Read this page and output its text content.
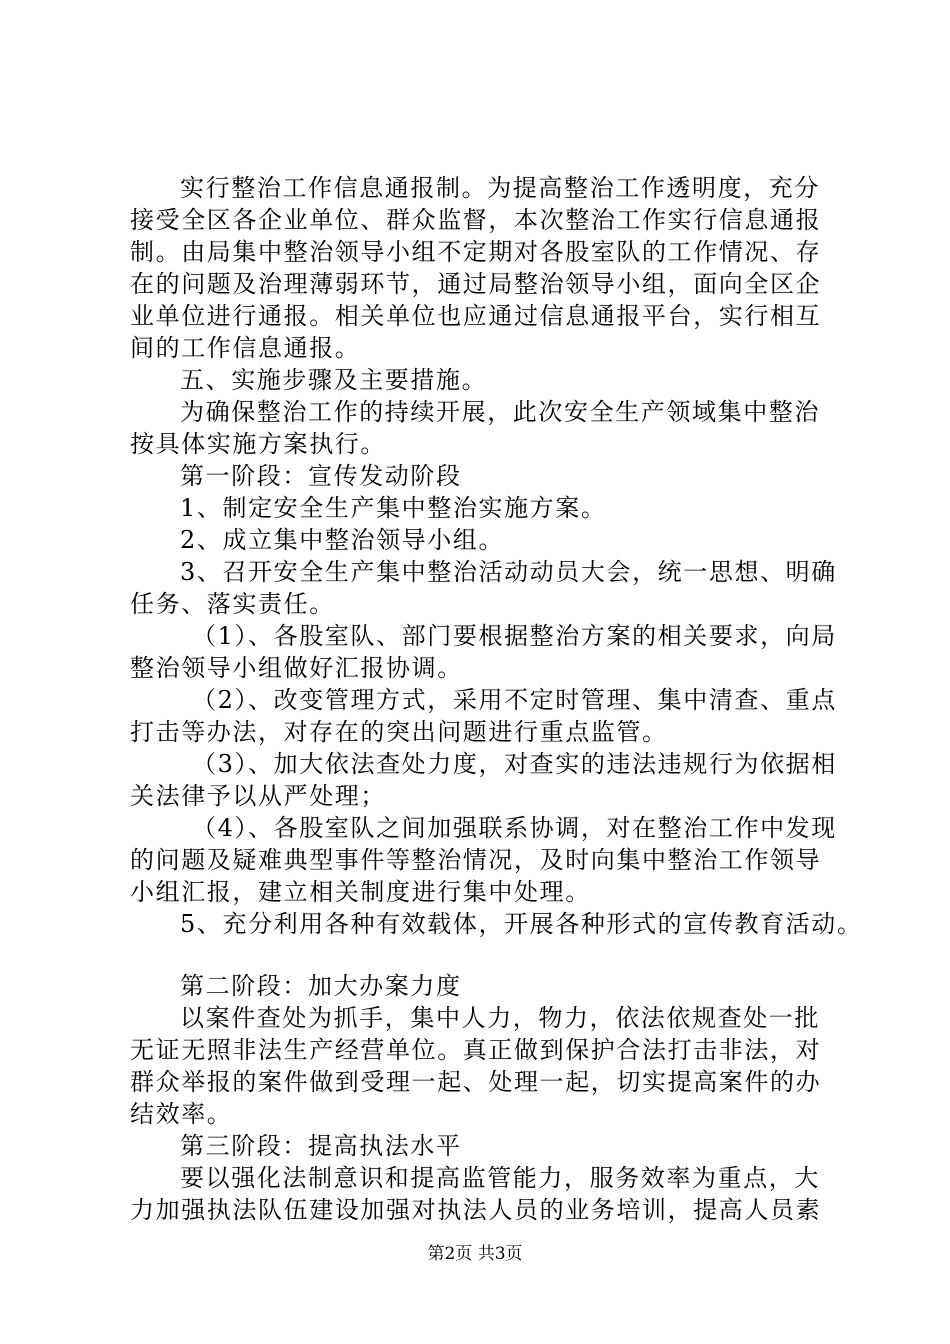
实行整治工作信息通报制。为提高整治工作透明度，充分
接受全区各企业单位、群众监督，本次整治工作实行信息通报
制。由局集中整治领导小组不定期对各股室队的工作情况、存
在的问题及治理薄弱环节，通过局整治领导小组，面向全区企
业单位进行通报。相关单位也应通过信息通报平台，实行相互
间的工作信息通报。
五、实施步骤及主要措施。
为确保整治工作的持续开展，此次安全生产领域集中整治
按具体实施方案执行。
第一阶段：宣传发动阶段
1、制定安全生产集中整治实施方案。
2、成立集中整治领导小组。
3、召开安全生产集中整治活动动员大会，统一思想、明确
任务、落实责任。
（1）、各股室队、部门要根据整治方案的相关要求，向局
整治领导小组做好汇报协调。
（2）、改变管理方式，采用不定时管理、集中清查、重点
打击等办法，对存在的突出问题进行重点监管。
（3）、加大依法查处力度，对查实的违法违规行为依据相
关法律予以从严处理；
（4）、各股室队之间加强联系协调，对在整治工作中发现
的问题及疑难典型事件等整治情况，及时向集中整治工作领导
小组汇报，建立相关制度进行集中处理。
5、充分利用各种有效载体，开展各种形式的宣传教育活动。
第二阶段：加大办案力度
以案件查处为抓手，集中人力，物力，依法依规查处一批
无证无照非法生产经营单位。真正做到保护合法打击非法，对
群众举报的案件做到受理一起、处理一起，切实提高案件的办
结效率。
第三阶段：提高执法水平
要以强化法制意识和提高监管能力，服务效率为重点，大
力加强执法队伍建设加强对执法人员的业务培训，提高人员素
第2页 共3页
